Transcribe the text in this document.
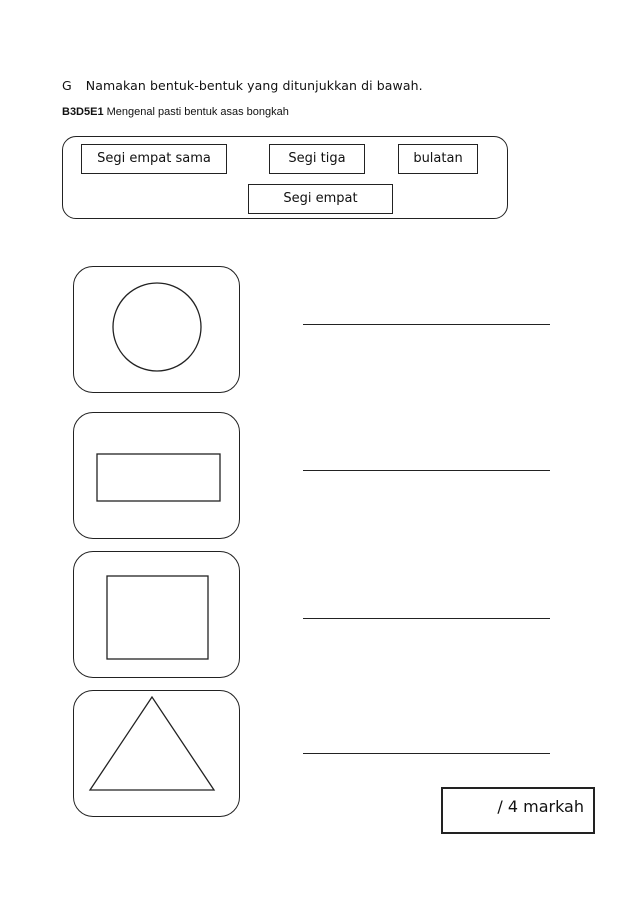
G Namakan bentuk-bentuk yang ditunjukkan di bawah.
B3D5E1 Mengenal pasti bentuk asas bongkah
Segi empat sama	Segi tiga	bulatan
Segi empat
/ 4 markah
